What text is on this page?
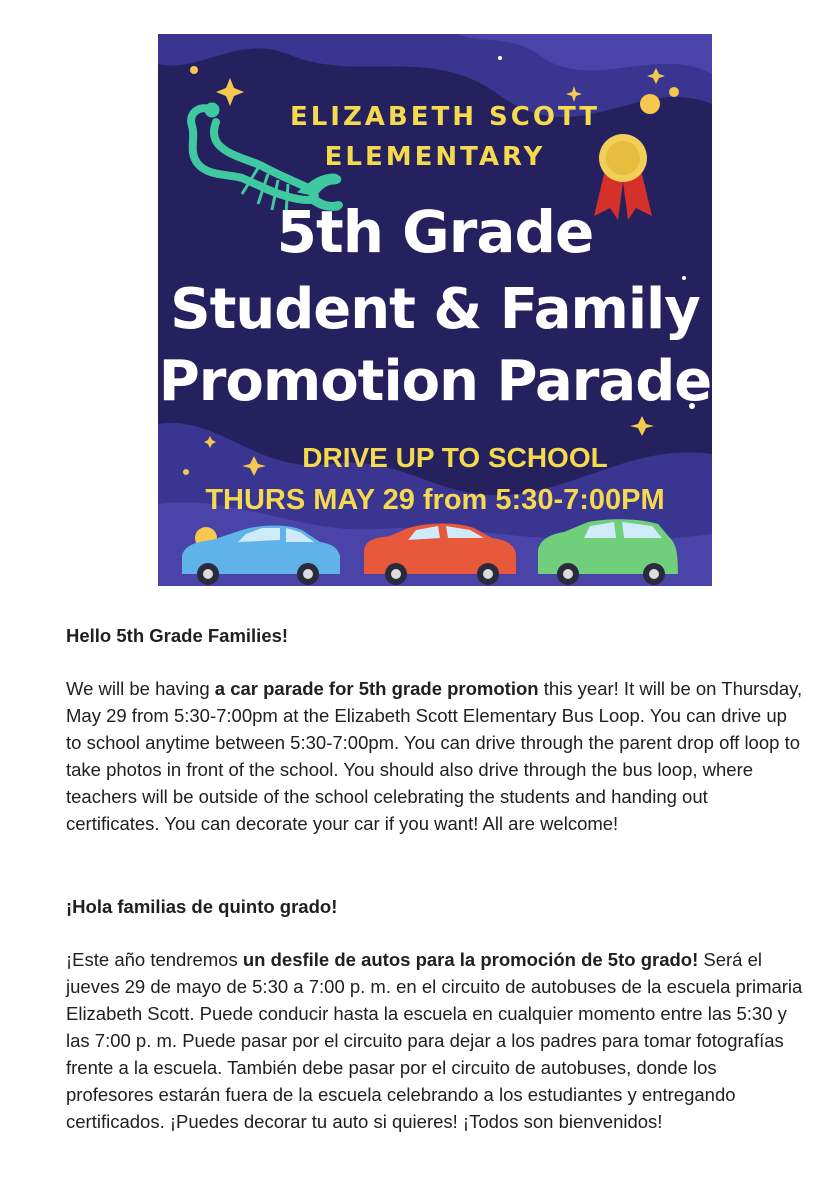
ELIZABETH SCOTT
ELEMENTARY
5th Grade
Student & Family
Promotion Parade
DRIVE UP TO SCHOOL
THURS MAY 29 from 5:30-7:00PM
Hello 5th Grade Families!

We will be having a car parade for 5th grade promotion this year! It will be on Thursday, May 29 from 5:30-7:00pm at the Elizabeth Scott Elementary Bus Loop. You can drive up to school anytime between 5:30-7:00pm. You can drive through the parent drop off loop to take photos in front of the school. You should also drive through the bus loop, where teachers will be outside of the school celebrating the students and handing out certificates. You can decorate your car if you want! All are welcome!

¡Hola familias de quinto grado!

¡Este año tendremos un desfile de autos para la promoción de 5to grado! Será el jueves 29 de mayo de 5:30 a 7:00 p. m. en el circuito de autobuses de la escuela primaria Elizabeth Scott. Puede conducir hasta la escuela en cualquier momento entre las 5:30 y las 7:00 p. m. Puede pasar por el circuito para dejar a los padres para tomar fotografías frente a la escuela. También debe pasar por el circuito de autobuses, donde los profesores estarán fuera de la escuela celebrando a los estudiantes y entregando certificados. ¡Puedes decorar tu auto si quieres! ¡Todos son bienvenidos!
